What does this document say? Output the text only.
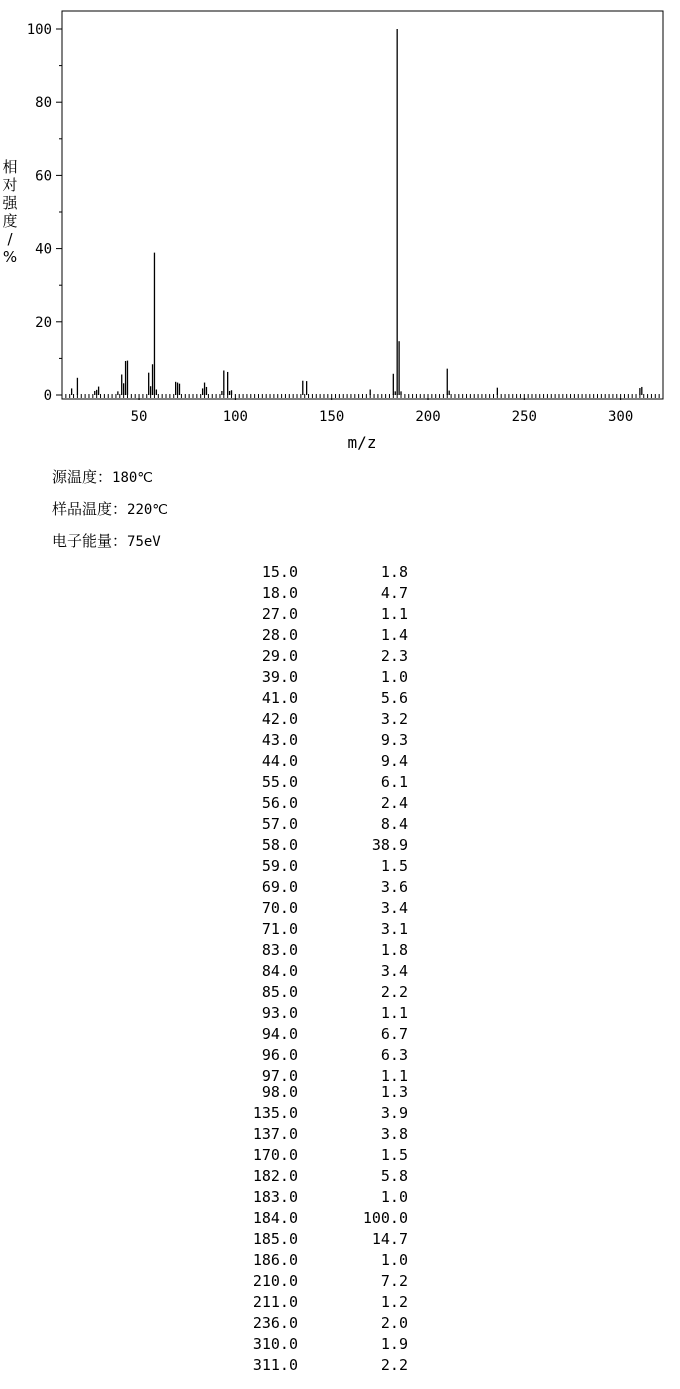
0
20
40
60
80
100
50	100	150	200	250	300
m/z
相对强度/ %
源温度：180℃
样品温度：220℃
电子能量：75eV
15.0	1.8
18.0	4.7
27.0	1.1
28.0	1.4
29.0	2.3
39.0	1.0
41.0	5.6
42.0	3.2
43.0	9.3
44.0	9.4
55.0	6.1
56.0	2.4
57.0	8.4
58.0	38.9
59.0	1.5
69.0	3.6
70.0	3.4
71.0	3.1
83.0	1.8
84.0	3.4
85.0	2.2
93.0	1.1
94.0	6.7
96.0	6.3
97.0	1.1
98.0	1.3
135.0	3.9
137.0	3.8
170.0	1.5
182.0	5.8
183.0	1.0
184.0	100.0
185.0	14.7
186.0	1.0
210.0	7.2
211.0	1.2
236.0	2.0
310.0	1.9
311.0	2.2
